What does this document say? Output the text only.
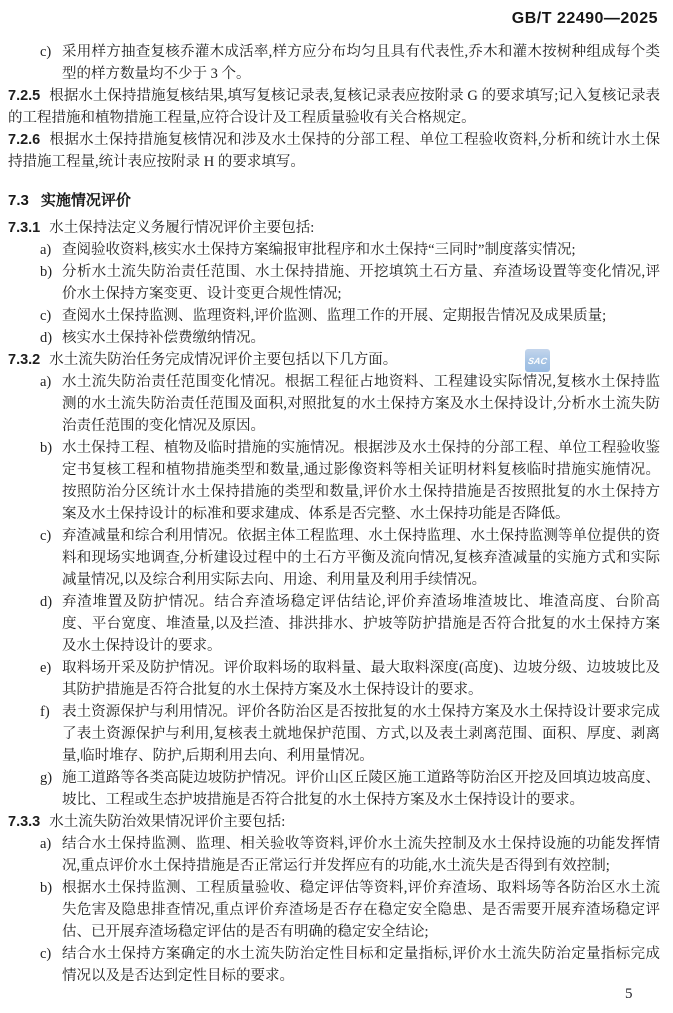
GB/T 22490—2025
SAC

c) 采用样方抽查复核乔灌木成活率,样方应分布均匀且具有代表性,乔木和灌木按树种组成每个类型的样方数量均不少于 3 个。

7.2.5 根据水土保持措施复核结果,填写复核记录表,复核记录表应按附录 G 的要求填写;记入复核记录表的工程措施和植物措施工程量,应符合设计及工程质量验收有关合格规定。

7.2.6 根据水土保持措施复核情况和涉及水土保持的分部工程、单位工程验收资料,分析和统计水土保持措施工程量,统计表应按附录 H 的要求填写。

7.3 实施情况评价

7.3.1 水土保持法定义务履行情况评价主要包括:

a) 查阅验收资料,核实水土保持方案编报审批程序和水土保持“三同时”制度落实情况;

b) 分析水土流失防治责任范围、水土保持措施、开挖填筑土石方量、弃渣场设置等变化情况,评价水土保持方案变更、设计变更合规性情况;

c) 查阅水土保持监测、监理资料,评价监测、监理工作的开展、定期报告情况及成果质量;

d) 核实水土保持补偿费缴纳情况。

7.3.2 水土流失防治任务完成情况评价主要包括以下几方面。

a) 水土流失防治责任范围变化情况。根据工程征占地资料、工程建设实际情况,复核水土保持监测的水土流失防治责任范围及面积,对照批复的水土保持方案及水土保持设计,分析水土流失防治责任范围的变化情况及原因。

b) 水土保持工程、植物及临时措施的实施情况。根据涉及水土保持的分部工程、单位工程验收鉴定书复核工程和植物措施类型和数量,通过影像资料等相关证明材料复核临时措施实施情况。按照防治分区统计水土保持措施的类型和数量,评价水土保持措施是否按照批复的水土保持方案及水土保持设计的标准和要求建成、体系是否完整、水土保持功能是否降低。

c) 弃渣减量和综合利用情况。依据主体工程监理、水土保持监理、水土保持监测等单位提供的资料和现场实地调查,分析建设过程中的土石方平衡及流向情况,复核弃渣减量的实施方式和实际减量情况,以及综合利用实际去向、用途、利用量及利用手续情况。

d) 弃渣堆置及防护情况。结合弃渣场稳定评估结论,评价弃渣场堆渣坡比、堆渣高度、台阶高度、平台宽度、堆渣量,以及拦渣、排洪排水、护坡等防护措施是否符合批复的水土保持方案及水土保持设计的要求。

e) 取料场开采及防护情况。评价取料场的取料量、最大取料深度(高度)、边坡分级、边坡坡比及其防护措施是否符合批复的水土保持方案及水土保持设计的要求。

f) 表土资源保护与利用情况。评价各防治区是否按批复的水土保持方案及水土保持设计要求完成了表土资源保护与利用,复核表土就地保护范围、方式,以及表土剥离范围、面积、厚度、剥离量,临时堆存、防护,后期利用去向、利用量情况。

g) 施工道路等各类高陡边坡防护情况。评价山区丘陵区施工道路等防治区开挖及回填边坡高度、坡比、工程或生态护坡措施是否符合批复的水土保持方案及水土保持设计的要求。

7.3.3 水土流失防治效果情况评价主要包括:

a) 结合水土保持监测、监理、相关验收等资料,评价水土流失控制及水土保持设施的功能发挥情况,重点评价水土保持措施是否正常运行并发挥应有的功能,水土流失是否得到有效控制;

b) 根据水土保持监测、工程质量验收、稳定评估等资料,评价弃渣场、取料场等各防治区水土流失危害及隐患排查情况,重点评价弃渣场是否存在稳定安全隐患、是否需要开展弃渣场稳定评估、已开展弃渣场稳定评估的是否有明确的稳定安全结论;

c) 结合水土保持方案确定的水土流失防治定性目标和定量指标,评价水土流失防治定量指标完成情况以及是否达到定性目标的要求。

5
